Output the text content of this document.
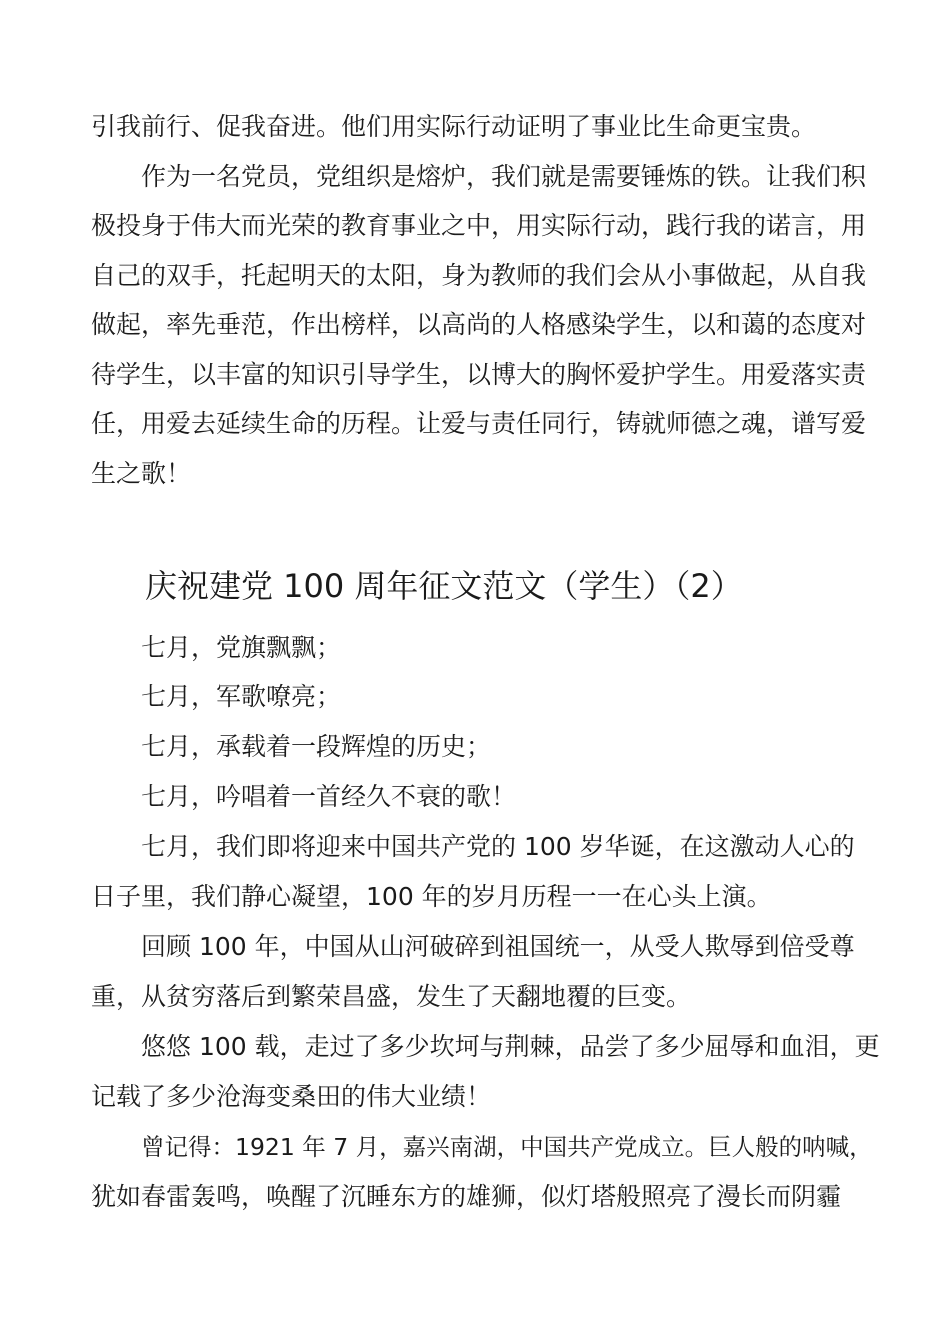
引我前行、促我奋进。他们用实际行动证明了事业比生命更宝贵。
作为一名党员，党组织是熔炉，我们就是需要锤炼的铁。让我们积
极投身于伟大而光荣的教育事业之中，用实际行动，践行我的诺言，用
自己的双手，托起明天的太阳，身为教师的我们会从小事做起，从自我
做起，率先垂范，作出榜样，以高尚的人格感染学生，以和蔼的态度对
待学生，以丰富的知识引导学生，以博大的胸怀爱护学生。用爱落实责
任，用爱去延续生命的历程。让爱与责任同行，铸就师德之魂，谱写爱
生之歌！
庆祝建党 100 周年征文范文（学生）（2）
七月，党旗飘飘；
七月，军歌嘹亮；
七月，承载着一段辉煌的历史；
七月，吟唱着一首经久不衰的歌！
七月，我们即将迎来中国共产党的 100 岁华诞，在这激动人心的
日子里，我们静心凝望，100 年的岁月历程一一在心头上演。
回顾 100 年，中国从山河破碎到祖国统一，从受人欺辱到倍受尊
重，从贫穷落后到繁荣昌盛，发生了天翻地覆的巨变。
悠悠 100 载，走过了多少坎坷与荆棘，品尝了多少屈辱和血泪，更
记载了多少沧海变桑田的伟大业绩！
曾记得：1921 年 7 月，嘉兴南湖，中国共产党成立。巨人般的呐喊，
犹如春雷轰鸣，唤醒了沉睡东方的雄狮，似灯塔般照亮了漫长而阴霾
